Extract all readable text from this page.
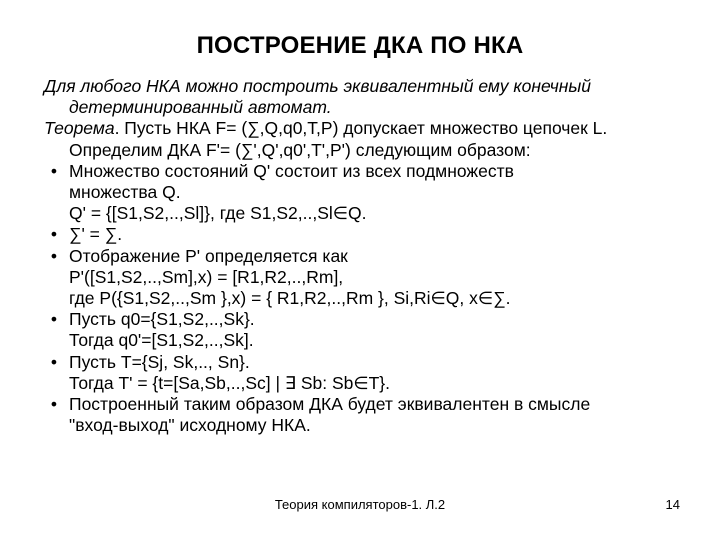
ПОСТРОЕНИЕ ДКА ПО НКА
Для любого НКА можно построить эквивалентный ему конечный детерминированный автомат.
Теорема. Пусть НКА F= (∑,Q,q0,T,P) допускает множество цепочек L. Определим ДКА F'= (∑',Q',q0',T',P') следующим образом:
• Множество состояний Q' состоит из всех подмножеств
множества Q.
Q' = {[S1,S2,..,Sl]}, где S1,S2,..,Sl∈Q.
• ∑' = ∑.
• Отображение P' определяется как
P'([S1,S2,..,Sm],x) = [R1,R2,..,Rm],
где P({S1,S2,..,Sm },x) = { R1,R2,..,Rm }, Si,Ri∈Q, x∈∑.
• Пусть q0={S1,S2,..,Sk}.
Тогда q0'=[S1,S2,..,Sk].
• Пусть T={Sj, Sk,.., Sn}.
Тогда T' = {t=[Sa,Sb,..,Sc] | ∃ Sb: Sb∈T}.
• Построенный таким образом ДКА будет эквивалентен в смысле
"вход-выход" исходному НКА.
Теория компиляторов-1. Л.2	14
